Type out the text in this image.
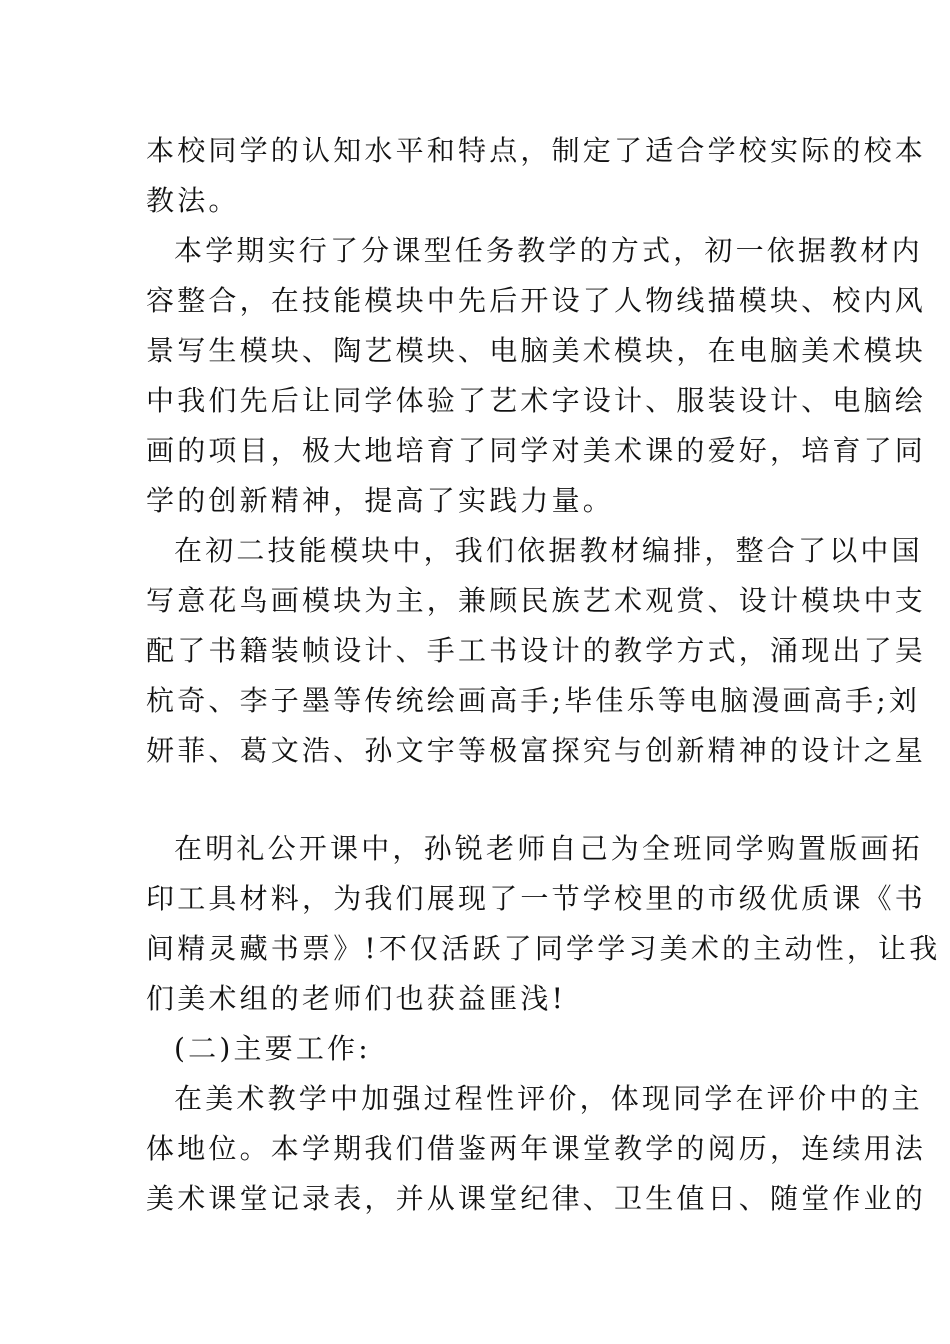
本校同学的认知水平和特点，制定了适合学校实际的校本
教法。
本学期实行了分课型任务教学的方式，初一依据教材内
容整合，在技能模块中先后开设了人物线描模块、校内风
景写生模块、陶艺模块、电脑美术模块，在电脑美术模块
中我们先后让同学体验了艺术字设计、服装设计、电脑绘
画的项目，极大地培育了同学对美术课的爱好，培育了同
学的创新精神，提高了实践力量。
在初二技能模块中，我们依据教材编排，整合了以中国
写意花鸟画模块为主，兼顾民族艺术观赏、设计模块中支
配了书籍装帧设计、手工书设计的教学方式，涌现出了吴
杭奇、李子墨等传统绘画高手;毕佳乐等电脑漫画高手;刘
妍菲、葛文浩、孙文宇等极富探究与创新精神的设计之星
在明礼公开课中，孙锐老师自己为全班同学购置版画拓
印工具材料，为我们展现了一节学校里的市级优质课《书
间精灵藏书票》!不仅活跃了同学学习美术的主动性，让我
们美术组的老师们也获益匪浅!
(二)主要工作:
在美术教学中加强过程性评价，体现同学在评价中的主
体地位。本学期我们借鉴两年课堂教学的阅历，连续用法
美术课堂记录表，并从课堂纪律、卫生值日、随堂作业的
